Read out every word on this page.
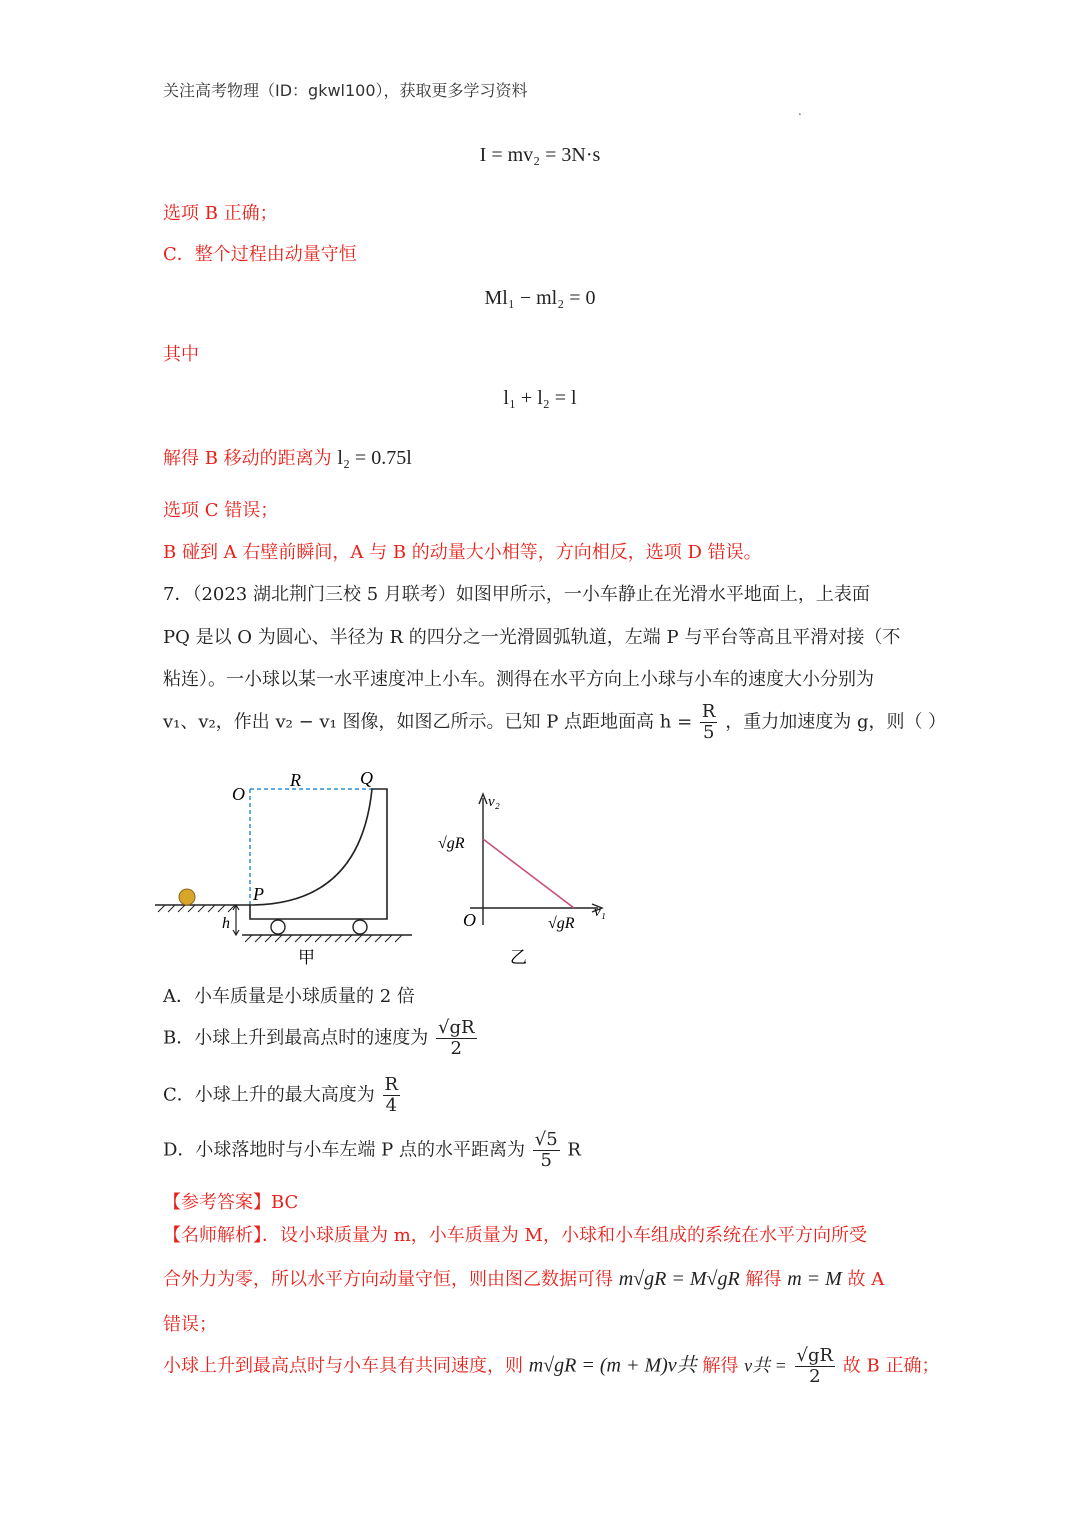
关注高考物理（ID：gkwl100），获取更多学习资料
.
I = mv₂ = 3N·s
选项 B 正确；
C．整个过程由动量守恒
Ml₁ − ml₂ = 0
其中
l₁ + l₂ = l
解得 B 移动的距离为 l₂ = 0.75l
选项 C 错误；
B 碰到 A 右壁前瞬间，A 与 B 的动量大小相等，方向相反，选项 D 错误。
7．（2023 湖北荆门三校 5 月联考）如图甲所示，一小车静止在光滑水平地面上，上表面
PQ 是以 O 为圆心、半径为 R 的四分之一光滑圆弧轨道，左端 P 与平台等高且平滑对接（不
粘连）。一小球以某一水平速度冲上小车。测得在水平方向上小球与小车的速度大小分别为
v₁、v₂，作出 v₂ − v₁ 图像，如图乙所示。已知 P 点距地面高 $h = \frac{R}{5}$ ，重力加速度为 g，则（ ）
O
R	Q
P
h
甲
v₂
v₁
O
√gR
√gR
乙
A．小车质量是小球质量的 2 倍
B．小球上升到最高点时的速度为 $\frac{√gR}{2}$
C．小球上升的最大高度为 $\frac{R}{4}$
D．小球落地时与小车左端 P 点的水平距离为 $\frac{√5}{5}$ R
【参考答案】BC
【名师解析】．设小球质量为 m，小车质量为 M，小球和小车组成的系统在水平方向所受
合外力为零，所以水平方向动量守恒，则由图乙数据可得 m√gR = M√gR 解得 m = M 故 A
错误；
小球上升到最高点时与小车具有共同速度，则 m√gR = (m + M)v共 解得 v共 = $\frac{√gR}{2}$ 故 B 正确；
